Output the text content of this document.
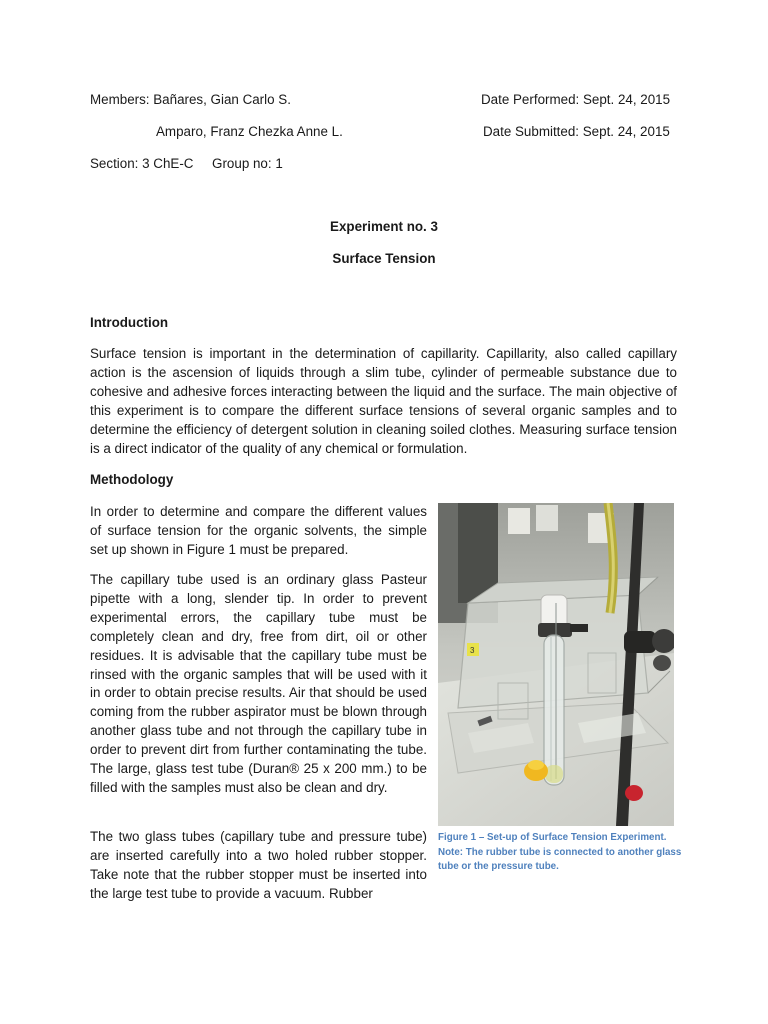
Members: Bañares, Gian Carlo S.	Date Performed: Sept. 24, 2015
Amparo, Franz Chezka Anne L.	Date Submitted: Sept. 24, 2015
Section: 3 ChE-C     Group no: 1
Experiment no. 3
Surface Tension
Introduction

Surface tension is important in the determination of capillarity. Capillarity, also called capillary action is the ascension of liquids through a slim tube, cylinder of permeable substance due to cohesive and adhesive forces interacting between the liquid and the surface. The main objective of this experiment is to compare the different surface tensions of several organic samples and to determine the efficiency of detergent solution in cleaning soiled clothes. Measuring surface tension is a direct indicator of the quality of any chemical or formulation.

Methodology

In order to determine and compare the different values of surface tension for the organic solvents, the simple set up shown in Figure 1 must be prepared.

The capillary tube used is an ordinary glass Pasteur pipette with a long, slender tip. In order to prevent experimental errors, the capillary tube must be completely clean and dry, free from dirt, oil or other residues. It is advisable that the capillary tube must be rinsed with the organic samples that will be used with it in order to obtain precise results. Air that should be used coming from the rubber aspirator must be blown through another glass tube and not through the capillary tube in order to prevent dirt from further contaminating the tube. The large, glass test tube (Duran® 25 x 200 mm.) to be filled with the samples must also be clean and dry.

The two glass tubes (capillary tube and pressure tube) are inserted carefully into a two holed rubber stopper. Take note that the rubber stopper must be inserted into the large test tube to provide a vacuum. Rubber

3

Figure 1 – Set-up of Surface Tension Experiment.
Note: The rubber tube is connected to another glass tube or the pressure tube.
